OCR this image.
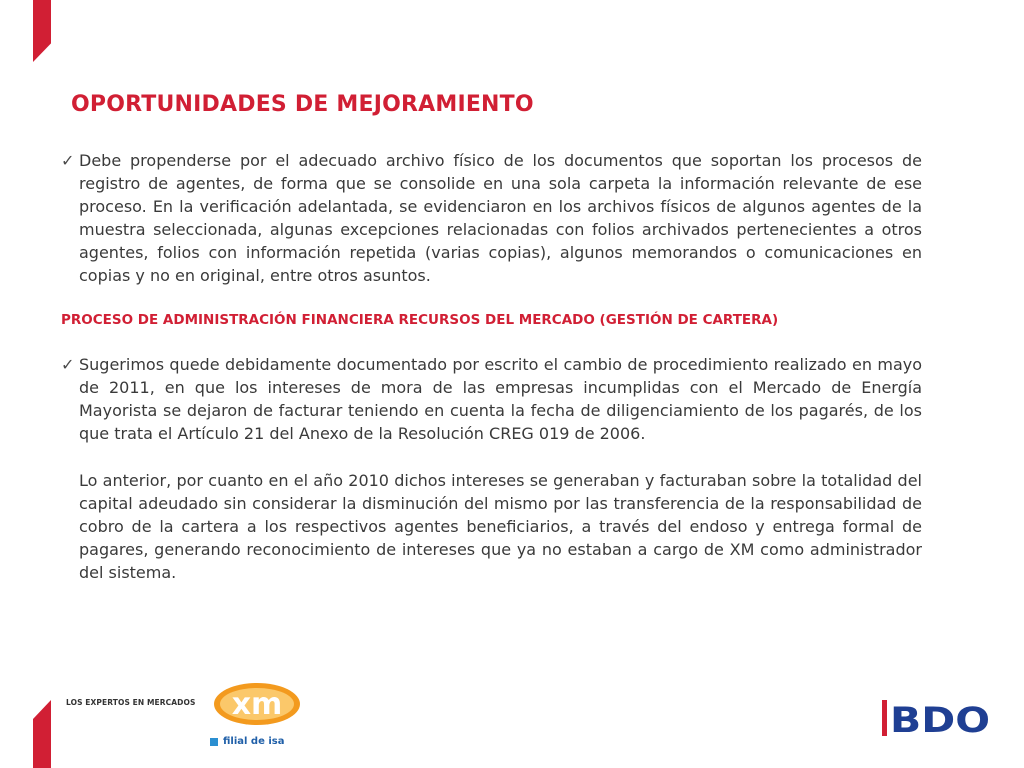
OPORTUNIDADES DE MEJORAMIENTO
✓ Debe propenderse por el adecuado archivo físico de los documentos que soportan los procesos de registro de agentes, de forma que se consolide en una sola carpeta la información relevante de ese proceso. En la verificación adelantada, se evidenciaron en los archivos físicos de algunos agentes de la muestra seleccionada, algunas excepciones relacionadas con folios archivados pertenecientes a otros agentes, folios con información repetida (varias copias), algunos memorandos o comunicaciones en copias y no en original, entre otros asuntos.

PROCESO DE ADMINISTRACIÓN FINANCIERA RECURSOS DEL MERCADO (GESTIÓN DE CARTERA)
✓ Sugerimos quede debidamente documentado por escrito el cambio de procedimiento realizado en mayo de 2011, en que los intereses de mora de las empresas incumplidas con el Mercado de Energía Mayorista se dejaron de facturar teniendo en cuenta la fecha de diligenciamiento de los pagarés, de los que trata el Artículo 21 del Anexo de la Resolución CREG 019 de 2006.

Lo anterior, por cuanto en el año 2010 dichos intereses se generaban y facturaban sobre la totalidad del capital adeudado sin considerar la disminución del mismo por las transferencia de la responsabilidad de cobro de la cartera a los respectivos agentes beneficiarios, a través del endoso y entrega formal de pagares, generando reconocimiento de intereses que ya no estaban a cargo de XM como administrador del sistema.

LOS EXPERTOS EN MERCADOS xm
filial de isa
BDO
